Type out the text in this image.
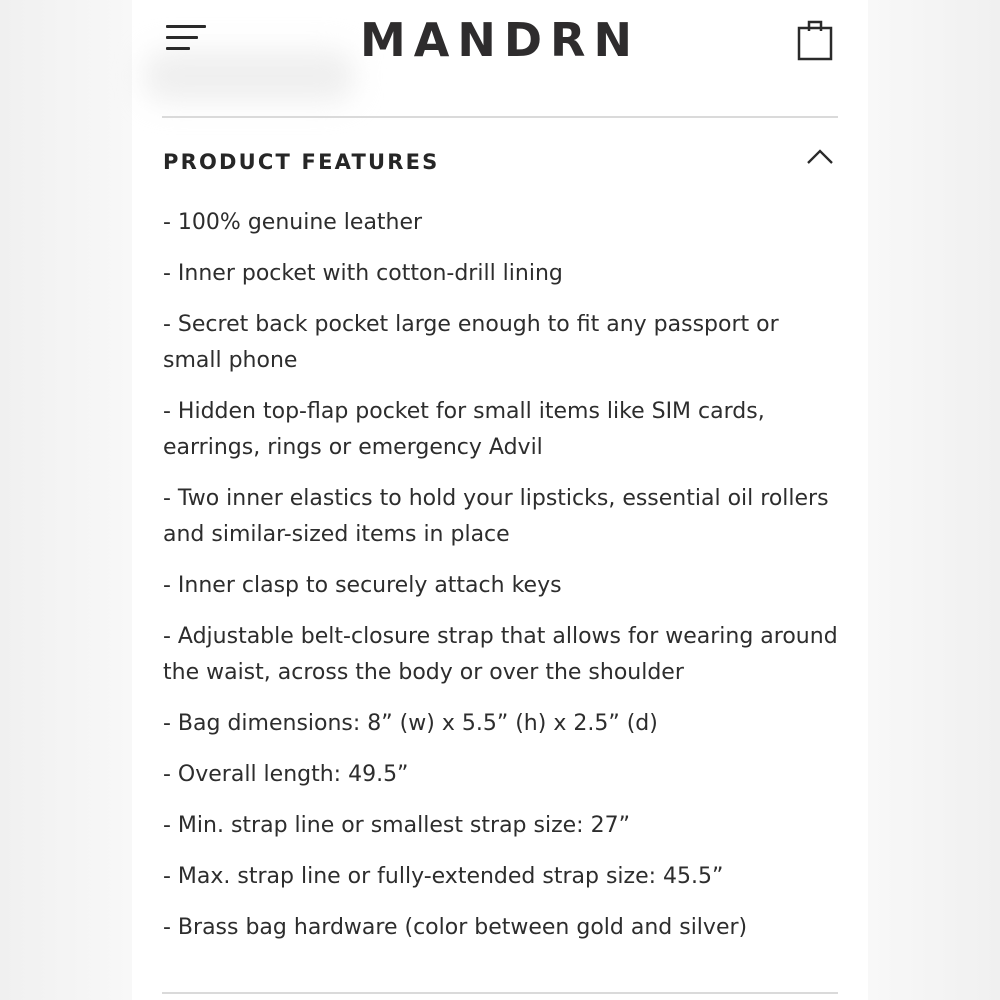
MANDRN
PRODUCT FEATURES
- 100% genuine leather
- Inner pocket with cotton-drill lining
- Secret back pocket large enough to fit any passport or small phone
- Hidden top-flap pocket for small items like SIM cards, earrings, rings or emergency Advil
- Two inner elastics to hold your lipsticks, essential oil rollers and similar-sized items in place
- Inner clasp to securely attach keys
- Adjustable belt-closure strap that allows for wearing around the waist, across the body or over the shoulder
- Bag dimensions: 8” (w) x 5.5” (h) x 2.5” (d)
- Overall length: 49.5”
- Min. strap line or smallest strap size: 27”
- Max. strap line or fully-extended strap size: 45.5”
- Brass bag hardware (color between gold and silver)
